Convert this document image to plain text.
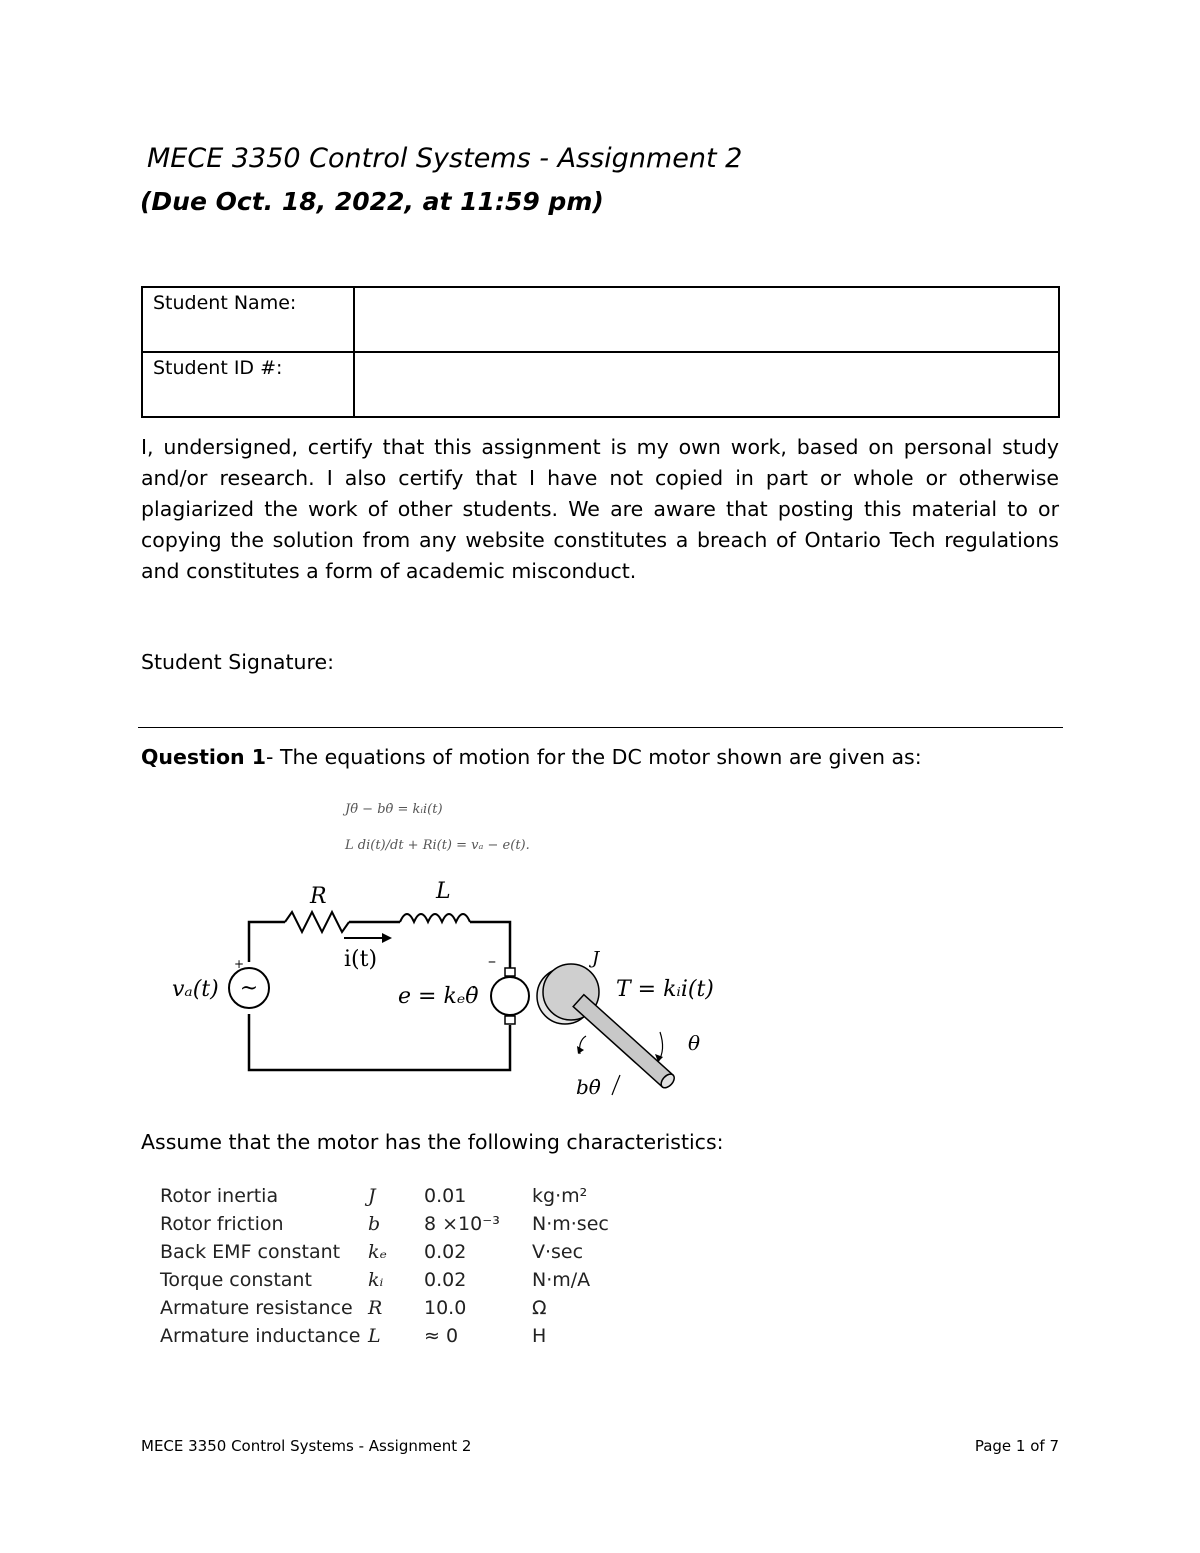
MECE 3350 Control Systems - Assignment 2
(Due Oct. 18, 2022, at 11:59 pm)
Student Name:	
Student ID #:	
I, undersigned, certify that this assignment is my own work, based on personal study and/or research. I also certify that I have not copied in part or whole or otherwise plagiarized the work of other students. We are aware that posting this material to or copying the solution from any website constitutes a breach of Ontario Tech regulations and constitutes a form of academic misconduct.
Student Signature:
Question 1- The equations of motion for the DC motor shown are given as:
Jθ̈ − bθ̇ = kᵢi(t)
L di(t)/dt + Ri(t) = vₐ − e(t).
~
+
vₐ(t)
R	L
i(t)	–
e = kₑθ̇
J
T = kᵢi(t)
θ
bθ̇
Assume that the motor has the following characteristics:
Rotor inertia	J	0.01	kg·m²
Rotor friction	b	8 ×10⁻³	N·m·sec
Back EMF constant	kₑ	0.02	V·sec
Torque constant	kᵢ	0.02	N·m/A
Armature resistance	R	10.0	Ω
Armature inductance	L	≈ 0	H
MECE 3350 Control Systems - Assignment 2	Page 1 of 7
